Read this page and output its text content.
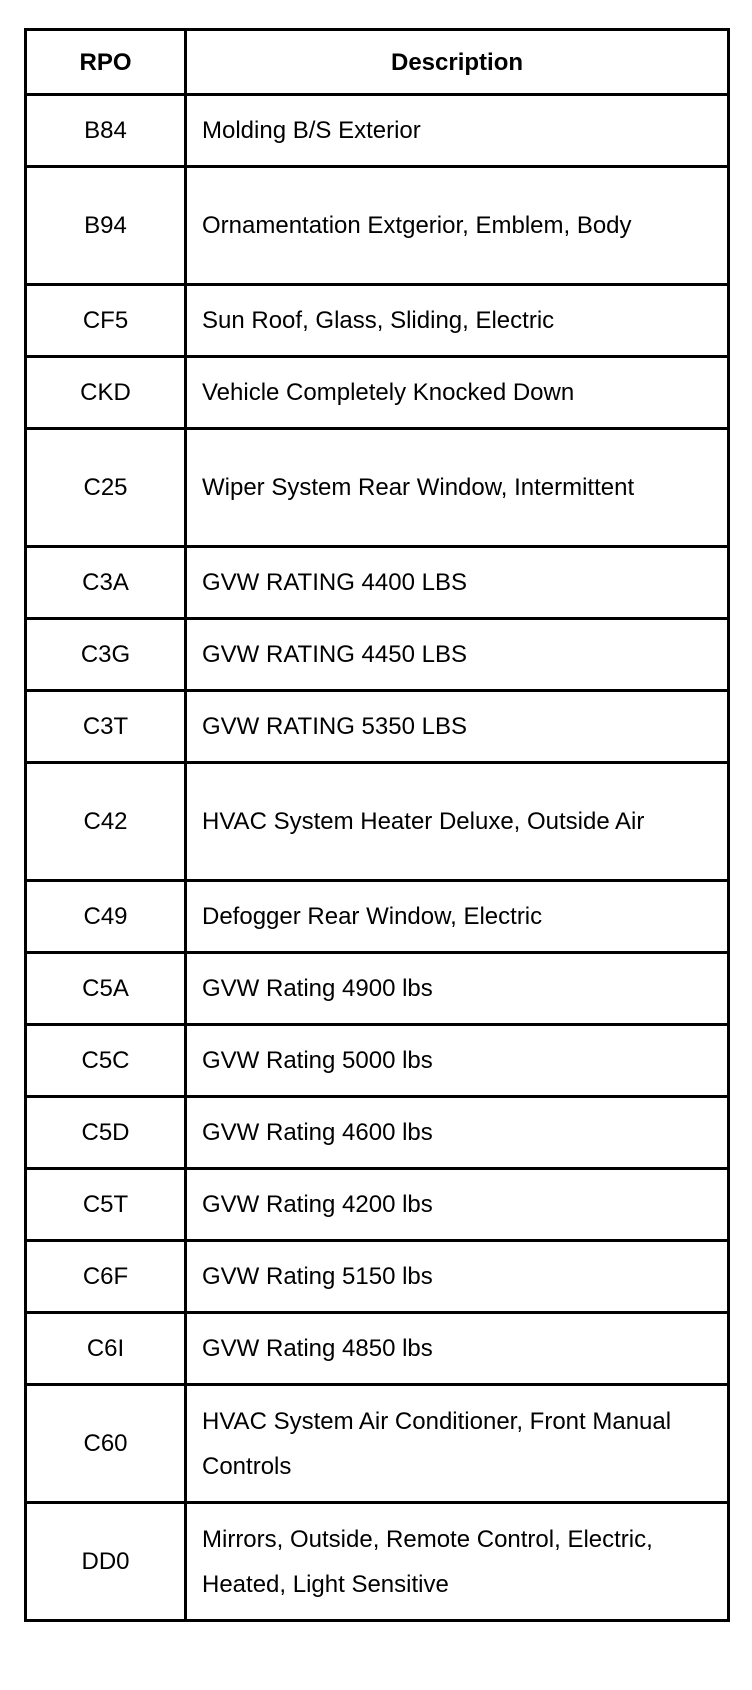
RPO	Description
B84	Molding B/S Exterior
B94	Ornamentation Extgerior, Emblem, Body
CF5	Sun Roof, Glass, Sliding, Electric
CKD	Vehicle Completely Knocked Down
C25	Wiper System Rear Window, Intermittent
C3A	GVW RATING 4400 LBS
C3G	GVW RATING 4450 LBS
C3T	GVW RATING 5350 LBS
C42	HVAC System Heater Deluxe, Outside Air
C49	Defogger Rear Window, Electric
C5A	GVW Rating 4900 lbs
C5C	GVW Rating 5000 lbs
C5D	GVW Rating 4600 lbs
C5T	GVW Rating 4200 lbs
C6F	GVW Rating 5150 lbs
C6I	GVW Rating 4850 lbs
C60	HVAC System Air Conditioner, Front Manual Controls
DD0	Mirrors, Outside, Remote Control, Electric, Heated, Light Sensitive
